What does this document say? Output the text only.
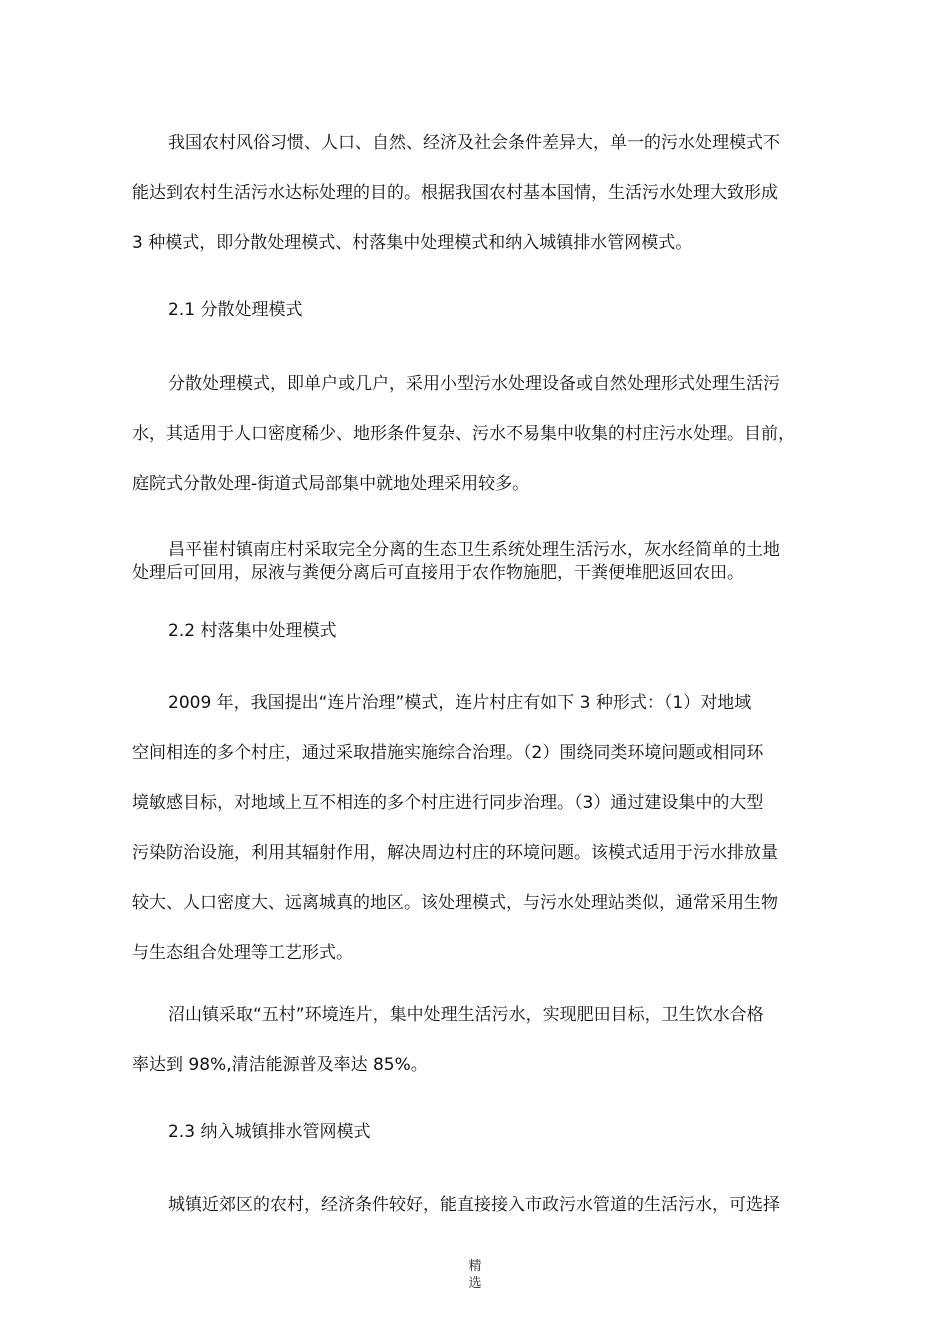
我国农村风俗习惯、人口、自然、经济及社会条件差异大，单一的污水处理模式不
能达到农村生活污水达标处理的目的。根据我国农村基本国情，生活污水处理大致形成
3 种模式，即分散处理模式、村落集中处理模式和纳入城镇排水管网模式。
2.1 分散处理模式
分散处理模式，即单户或几户，采用小型污水处理设备或自然处理形式处理生活污
水，其适用于人口密度稀少、地形条件复杂、污水不易集中收集的村庄污水处理。目前，
庭院式分散处理-街道式局部集中就地处理采用较多。
昌平崔村镇南庄村采取完全分离的生态卫生系统处理生活污水，灰水经简单的土地
处理后可回用，尿液与粪便分离后可直接用于农作物施肥，干粪便堆肥返回农田。
2.2 村落集中处理模式
2009 年，我国提出“连片治理”模式，连片村庄有如下 3 种形式：（1）对地域
空间相连的多个村庄，通过采取措施实施综合治理。（2）围绕同类环境问题或相同环
境敏感目标，对地域上互不相连的多个村庄进行同步治理。（3）通过建设集中的大型
污染防治设施，利用其辐射作用，解决周边村庄的环境问题。该模式适用于污水排放量
较大、人口密度大、远离城真的地区。该处理模式，与污水处理站类似，通常采用生物
与生态组合处理等工艺形式。
沼山镇采取“五村”环境连片，集中处理生活污水，实现肥田目标，卫生饮水合格
率达到 98%,清洁能源普及率达 85%。
2.3 纳入城镇排水管网模式
城镇近郊区的农村，经济条件较好，能直接接入市政污水管道的生活污水，可选择
精
选
